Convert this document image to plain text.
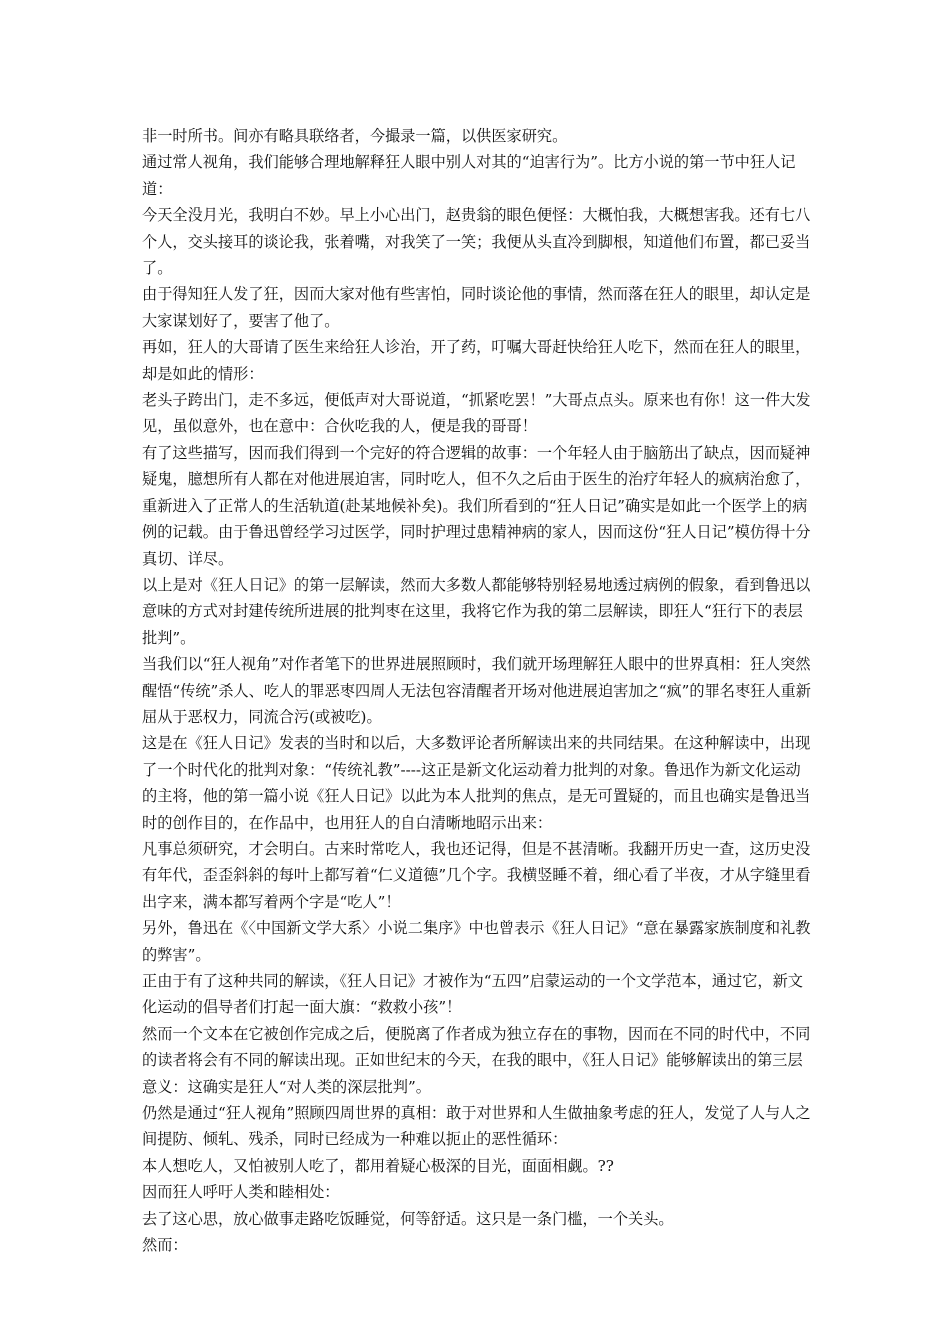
非一时所书。间亦有略具联络者，今撮录一篇，以供医家研究。

通过常人视角，我们能够合理地解释狂人眼中别人对其的“迫害行为”。比方小说的第一节中狂人记道：

今天全没月光，我明白不妙。早上小心出门，赵贵翁的眼色便怪：大概怕我，大概想害我。还有七八个人，交头接耳的谈论我，张着嘴，对我笑了一笑；我便从头直冷到脚根，知道他们布置，都已妥当了。

由于得知狂人发了狂，因而大家对他有些害怕，同时谈论他的事情，然而落在狂人的眼里，却认定是大家谋划好了，要害了他了。

再如，狂人的大哥请了医生来给狂人诊治，开了药，叮嘱大哥赶快给狂人吃下，然而在狂人的眼里，却是如此的情形：

老头子跨出门，走不多远，便低声对大哥说道，“抓紧吃罢！”大哥点点头。原来也有你！这一件大发见，虽似意外，也在意中：合伙吃我的人，便是我的哥哥！

有了这些描写，因而我们得到一个完好的符合逻辑的故事：一个年轻人由于脑筋出了缺点，因而疑神疑鬼，臆想所有人都在对他进展迫害，同时吃人，但不久之后由于医生的治疗年轻人的疯病治愈了，重新进入了正常人的生活轨道(赴某地候补矣)。我们所看到的“狂人日记”确实是如此一个医学上的病例的记载。由于鲁迅曾经学习过医学，同时护理过患精神病的家人，因而这份“狂人日记”模仿得十分真切、详尽。

以上是对《狂人日记》的第一层解读，然而大多数人都能够特别轻易地透过病例的假象，看到鲁迅以意味的方式对封建传统所进展的批判枣在这里，我将它作为我的第二层解读，即狂人“狂行下的表层批判”。

当我们以“狂人视角”对作者笔下的世界进展照顾时，我们就开场理解狂人眼中的世界真相：狂人突然醒悟“传统”杀人、吃人的罪恶枣四周人无法包容清醒者开场对他进展迫害加之“疯”的罪名枣狂人重新屈从于恶权力，同流合污(或被吃)。

这是在《狂人日记》发表的当时和以后，大多数评论者所解读出来的共同结果。在这种解读中，出现了一个时代化的批判对象：“传统礼教”----这正是新文化运动着力批判的对象。鲁迅作为新文化运动的主将，他的第一篇小说《狂人日记》以此为本人批判的焦点，是无可置疑的，而且也确实是鲁迅当时的创作目的，在作品中，也用狂人的自白清晰地昭示出来：

凡事总须研究，才会明白。古来时常吃人，我也还记得，但是不甚清晰。我翻开历史一查，这历史没有年代，歪歪斜斜的每叶上都写着“仁义道德”几个字。我横竖睡不着，细心看了半夜，才从字缝里看出字来，满本都写着两个字是“吃人”！

另外，鲁迅在《〈中国新文学大系〉小说二集序》中也曾表示《狂人日记》“意在暴露家族制度和礼教的弊害”。

正由于有了这种共同的解读，《狂人日记》才被作为“五四”启蒙运动的一个文学范本，通过它，新文化运动的倡导者们打起一面大旗：“救救小孩”！

然而一个文本在它被创作完成之后，便脱离了作者成为独立存在的事物，因而在不同的时代中，不同的读者将会有不同的解读出现。正如世纪末的今天，在我的眼中，《狂人日记》能够解读出的第三层意义：这确实是狂人“对人类的深层批判”。

仍然是通过“狂人视角”照顾四周世界的真相：敢于对世界和人生做抽象考虑的狂人，发觉了人与人之间提防、倾轧、残杀，同时已经成为一种难以扼止的恶性循环：

本人想吃人，又怕被别人吃了，都用着疑心极深的目光，面面相觑。??

因而狂人呼吁人类和睦相处：

去了这心思，放心做事走路吃饭睡觉，何等舒适。这只是一条门槛，一个关头。

然而：
